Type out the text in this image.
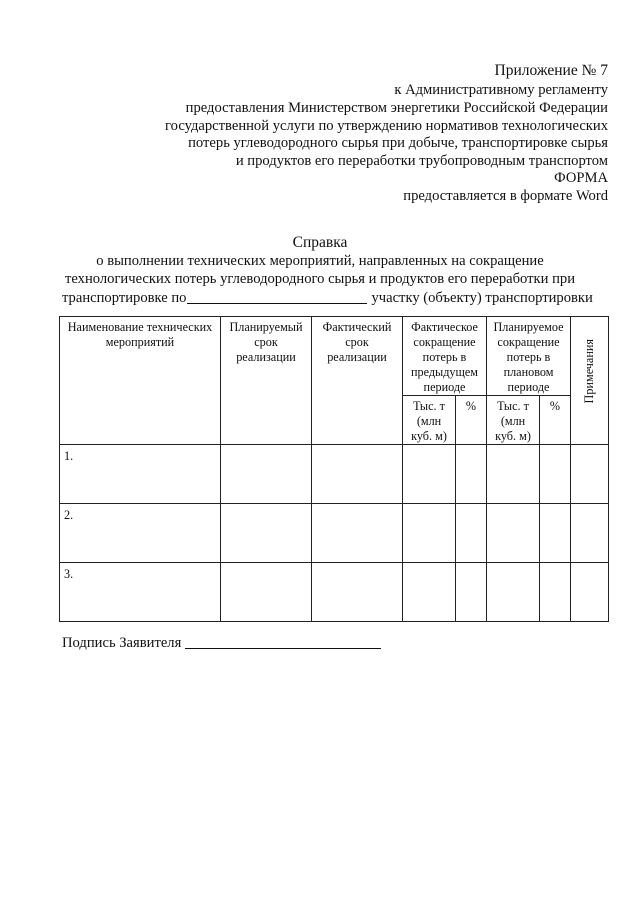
Приложение № 7
к Административному регламенту
предоставления Министерством энергетики Российской Федерации
государственной услуги по утверждению нормативов технологических
потерь углеводородного сырья при добыче, транспортировке сырья
и продуктов его переработки трубопроводным транспортом
ФОРМА
предоставляется в формате Word
Справка
о выполнении технических мероприятий, направленных на сокращение
технологических потерь углеводородного сырья и продуктов его переработки при
транспортировке по	участку (объекту) транспортировки
Наименование технических мероприятий	Планируемый срок реализации	Фактический срок реализации	Фактическое сокращение потерь в предыдущем периоде		Планируемое сокращение потерь в плановом периоде		Примечания
			Тыс. т (млн куб. м)	%	Тыс. т (млн куб. м)	%	
1.							
2.							
3.							
Подпись Заявителя
